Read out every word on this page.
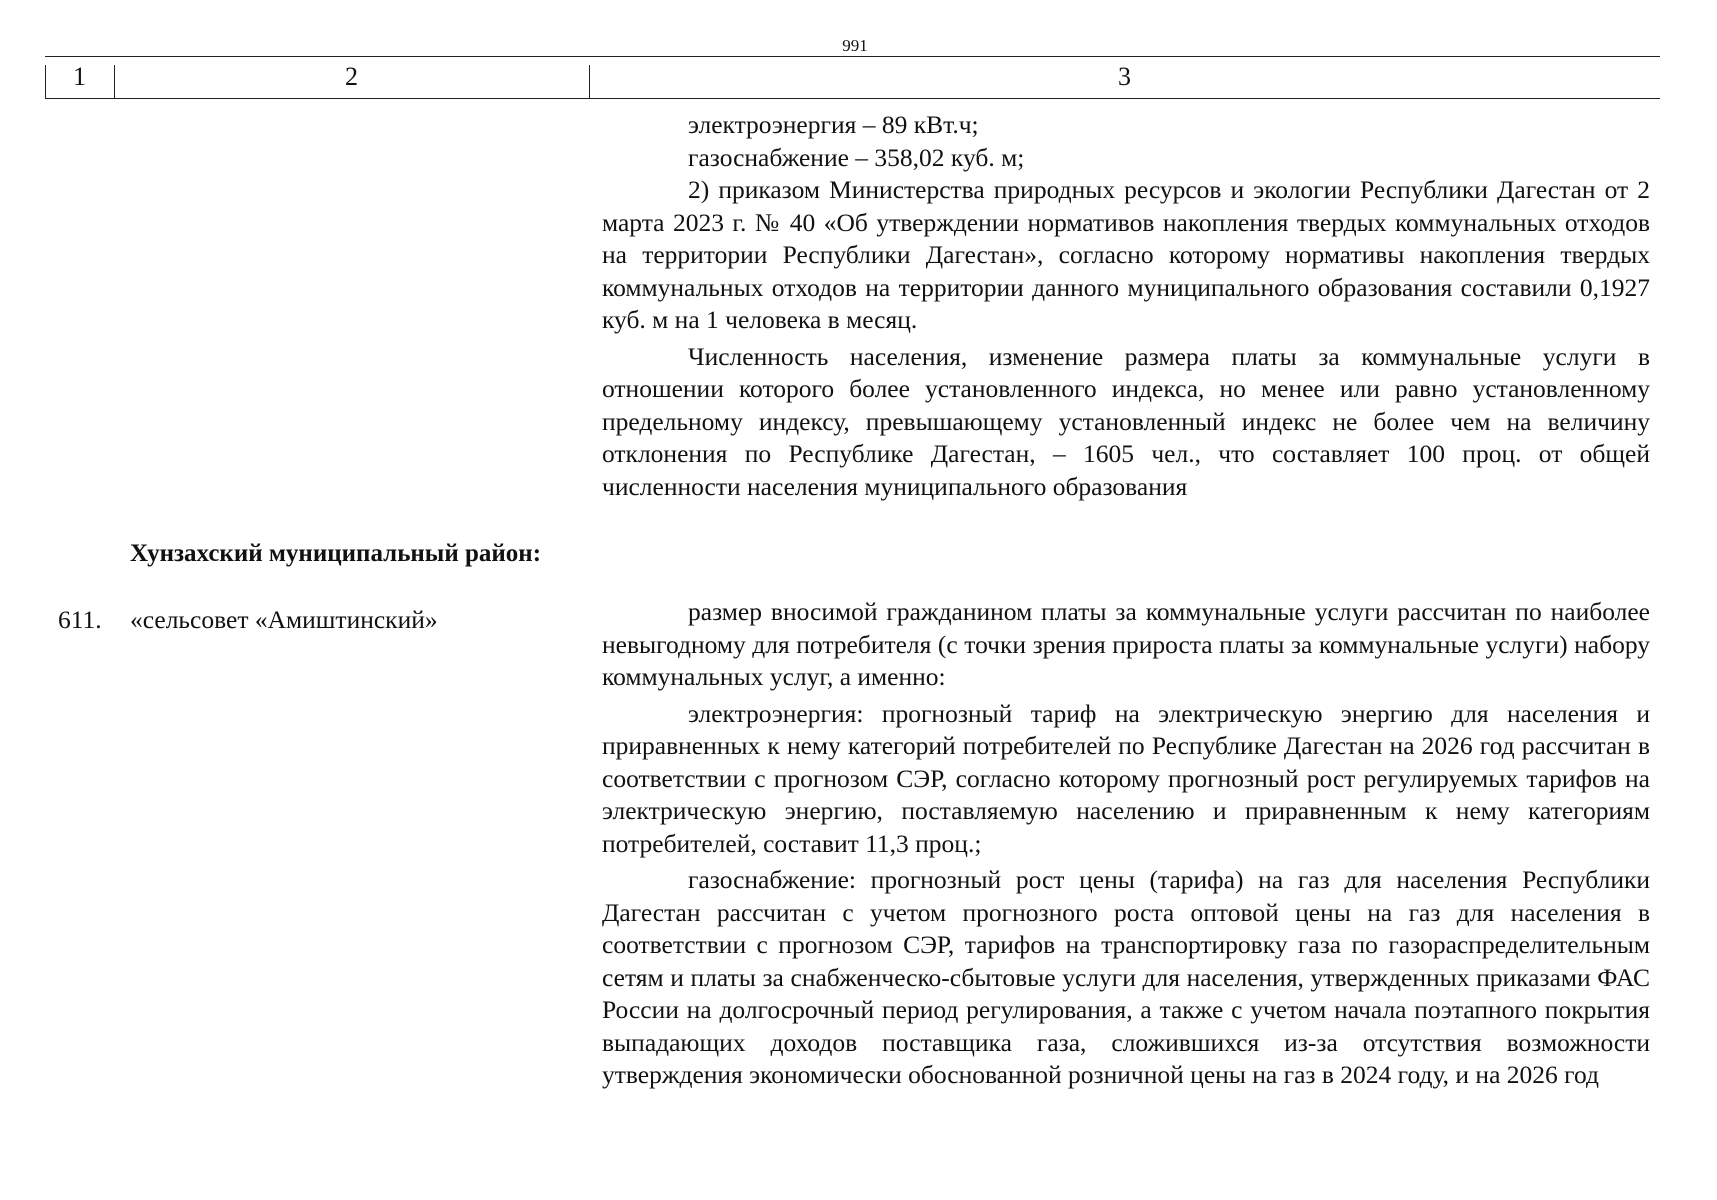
991
1	2	3

электроэнергия – 89 кВт.ч;

газоснабжение – 358,02 куб. м;

2) приказом Министерства природных ресурсов и экологии Республики Дагестан от 2 марта 2023 г. № 40 «Об утверждении нормативов накопления твердых коммунальных отходов на территории Республики Дагестан», согласно которому нормативы накопления твердых коммунальных отходов на территории данного муниципального образования составили 0,1927 куб. м на 1 человека в месяц.

Численность населения, изменение размера платы за коммунальные услуги в отношении которого более установленного индекса, но менее или равно установленному предельному индексу, превышающему установленный индекс не более чем на величину отклонения по Республике Дагестан, – 1605 чел., что составляет 100 проц. от общей численности населения муниципального образования

Хунзахский муниципальный район:
611. «сельсовет «Амиштинский»	размер вносимой гражданином платы за коммунальные услуги рассчитан по наиболее невыгодному для потребителя (с точки зрения прироста платы за коммунальные услуги) набору коммунальных услуг, а именно:

электроэнергия: прогнозный тариф на электрическую энергию для населения и приравненных к нему категорий потребителей по Республике Дагестан на 2026 год рассчитан в соответствии с прогнозом СЭР, согласно которому прогнозный рост регулируемых тарифов на электрическую энергию, поставляемую населению и приравненным к нему категориям потребителей, составит 11,3 проц.;

газоснабжение: прогнозный рост цены (тарифа) на газ для населения Республики Дагестан рассчитан с учетом прогнозного роста оптовой цены на газ для населения в соответствии с прогнозом СЭР, тарифов на транспортировку газа по газораспределительным сетям и платы за снабженческо-сбытовые услуги для населения, утвержденных приказами ФАС России на долгосрочный период регулирования, а также с учетом начала поэтапного покрытия выпадающих доходов поставщика газа, сложившихся из-за отсутствия возможности утверждения экономически обоснованной розничной цены на газ в 2024 году, и на 2026 год
